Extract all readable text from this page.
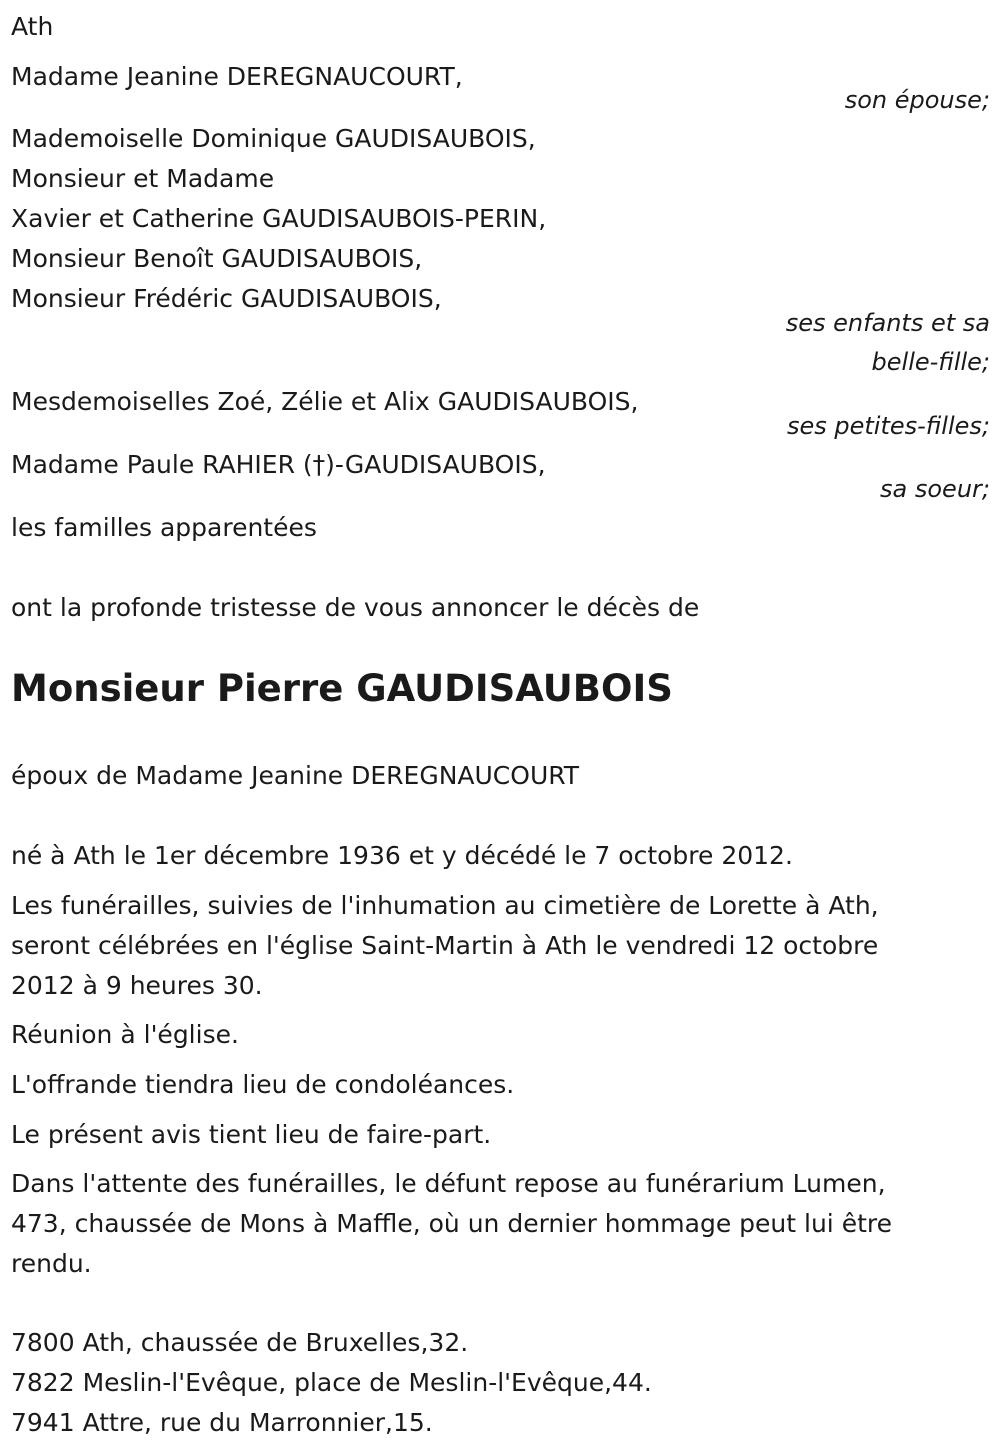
Ath
Madame Jeanine DEREGNAUCOURT,
son épouse;
Mademoiselle Dominique GAUDISAUBOIS,
Monsieur et Madame
Xavier et Catherine GAUDISAUBOIS-PERIN,
Monsieur Benoît GAUDISAUBOIS,
Monsieur Frédéric GAUDISAUBOIS,
ses enfants et sa
belle-fille;
Mesdemoiselles Zoé, Zélie et Alix GAUDISAUBOIS,
ses petites-filles;
Madame Paule RAHIER (†)-GAUDISAUBOIS,
sa soeur;
les familles apparentées
ont la profonde tristesse de vous annoncer le décès de
Monsieur Pierre GAUDISAUBOIS
époux de Madame Jeanine DEREGNAUCOURT
né à Ath le 1er décembre 1936 et y décédé le 7 octobre 2012.
Les funérailles, suivies de l'inhumation au cimetière de Lorette à Ath,
seront célébrées en l'église Saint-Martin à Ath le vendredi 12 octobre
2012 à 9 heures 30.
Réunion à l'église.
L'offrande tiendra lieu de condoléances.
Le présent avis tient lieu de faire-part.
Dans l'attente des funérailles, le défunt repose au funérarium Lumen,
473, chaussée de Mons à Maffle, où un dernier hommage peut lui être
rendu.
7800 Ath, chaussée de Bruxelles,32.
7822 Meslin-l'Evêque, place de Meslin-l'Evêque,44.
7941 Attre, rue du Marronnier,15.
